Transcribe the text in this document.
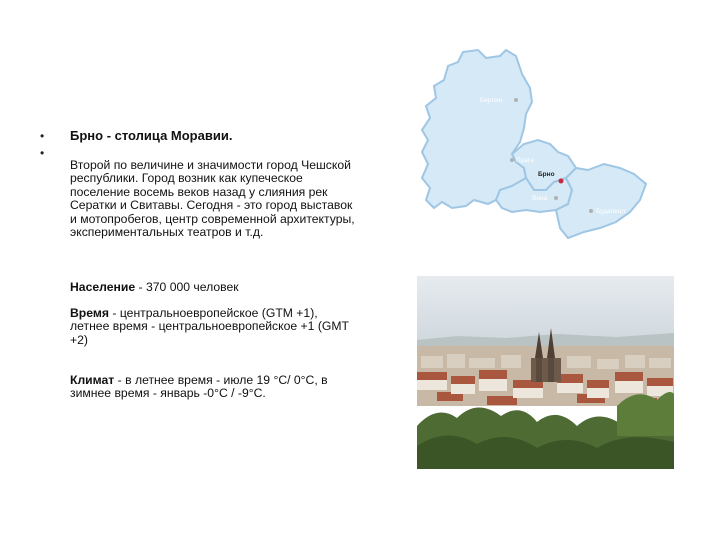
•
•
Брно - столица Моравии.
Второй по величине и значимости город Чешской республики. Город возник как купеческое поселение восемь веков назад у слияния рек Сератки и Свитавы. Сегодня - это город выставок и мотопробегов, центр современной архитектуры, экспериментальных театров и т.д.
Население - 370 000 человек
Время - центральноевропейское (GTM +1), летнее время - центральноевропейское +1 (GMT +2)
Климат - в летнее время - июле 19 °C/ 0°С, в зимнее время - январь -0°С / -9°С.
Берлин
Прага
Брно
Вена
Будапешт
